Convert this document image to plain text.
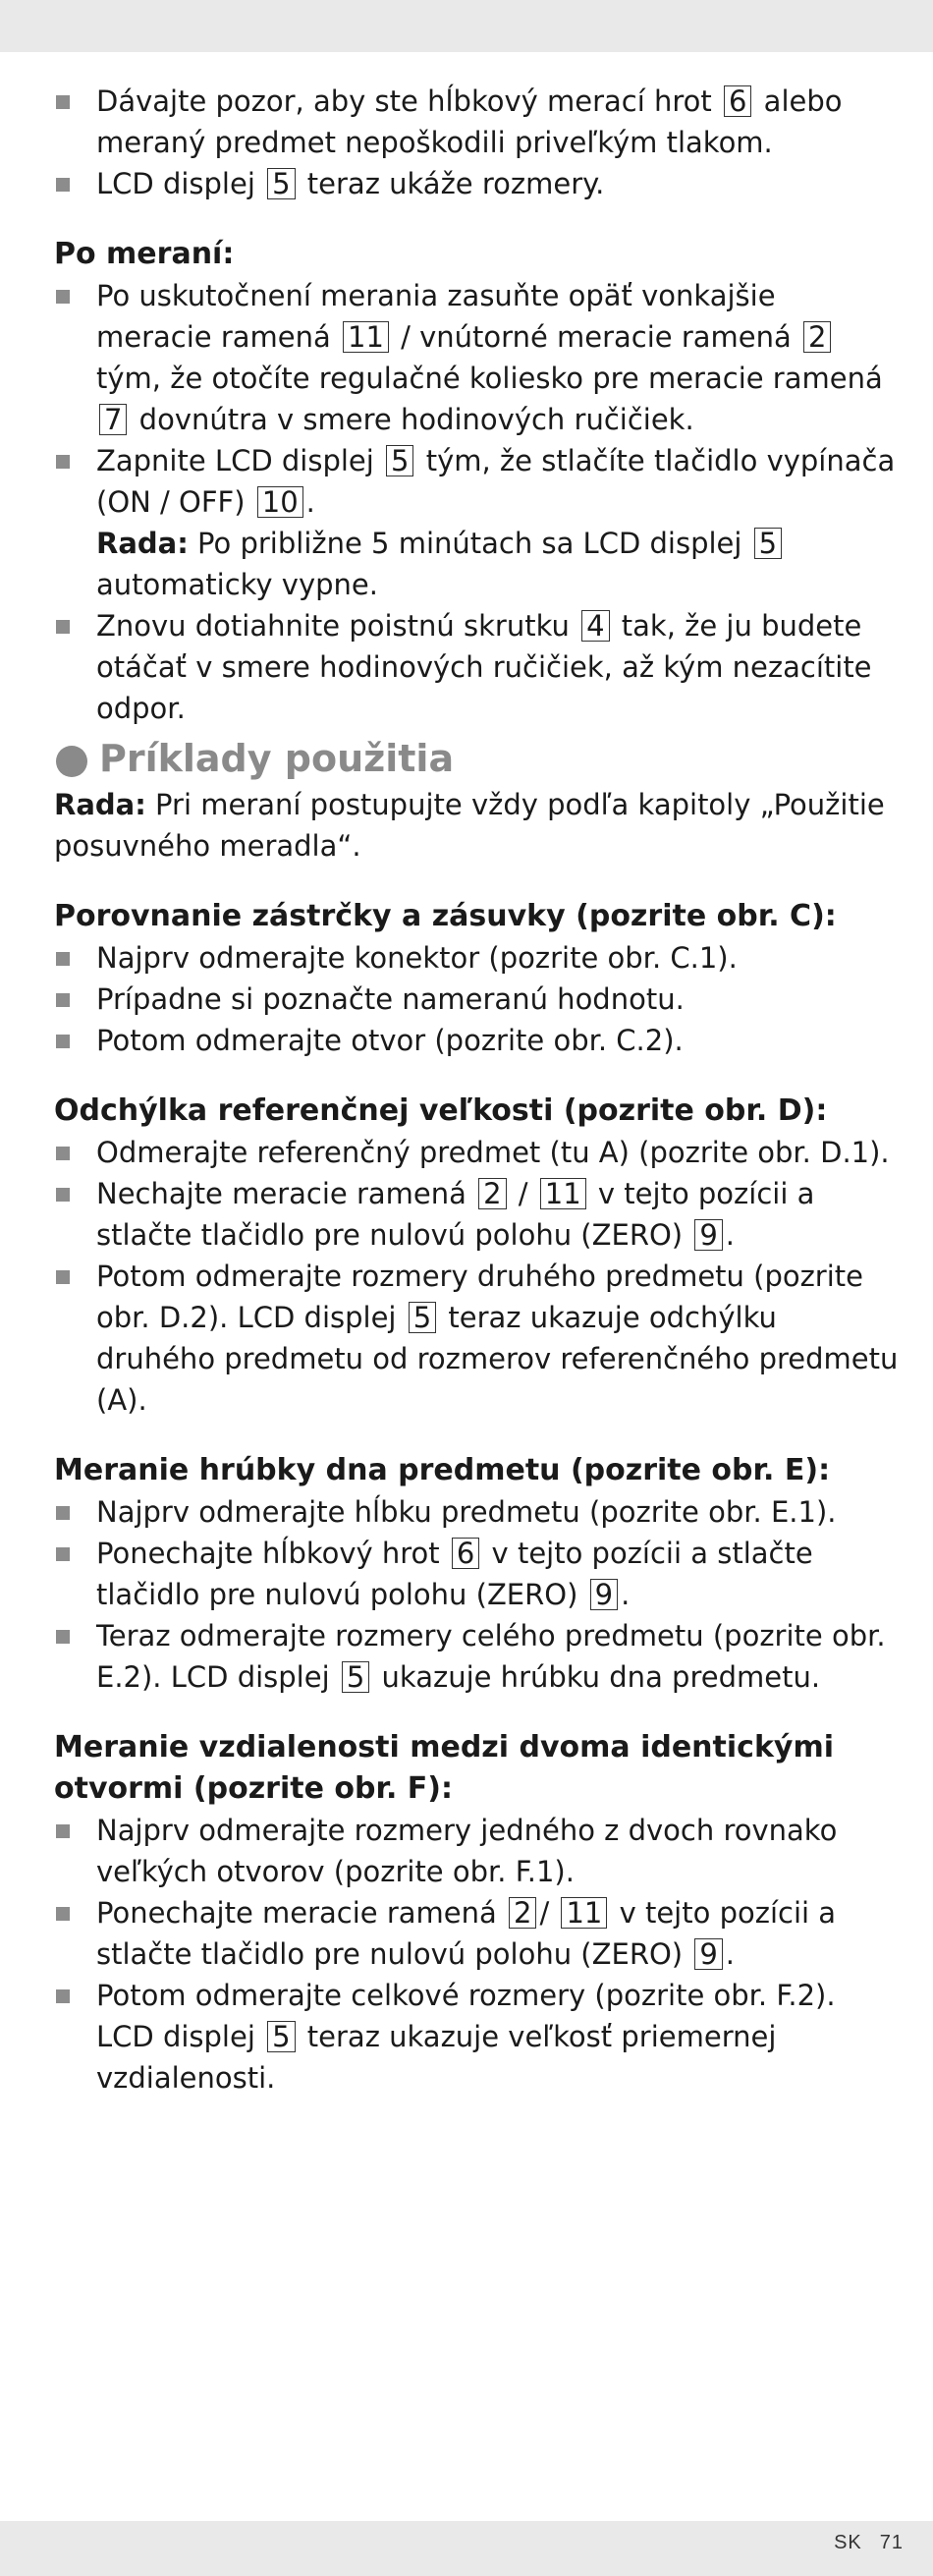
Dávajte pozor, aby ste hĺbkový merací hrot 6 alebo meraný predmet nepoškodili priveľkým tlakom.
LCD displej 5 teraz ukáže rozmery.
Po meraní:
Po uskutočnení merania zasuňte opäť vonkajšie meracie ramená 11 / vnútorné meracie ramená 2 tým, že otočíte regulačné koliesko pre meracie ramená 7 dovnútra v smere hodinových ručičiek.
Zapnite LCD displej 5 tým, že stlačíte tlačidlo vypínača (ON / OFF) 10 .
Rada: Po približne 5 minútach sa LCD displej 5 automaticky vypne.
Znovu dotiahnite poistnú skrutku 4 tak, že ju budete otáčať v smere hodinových ručičiek, až kým nezacítite odpor.
Príklady použitia
Rada: Pri meraní postupujte vždy podľa kapitoly „Použitie posuvného meradla“.
Porovnanie zástrčky a zásuvky (pozrite obr. C):
Najprv odmerajte konektor (pozrite obr. C.1).
Prípadne si poznačte nameranú hodnotu.
Potom odmerajte otvor (pozrite obr. C.2).
Odchýlka referenčnej veľkosti (pozrite obr. D):
Odmerajte referenčný predmet (tu A) (pozrite obr. D.1).
Nechajte meracie ramená 2 / 11 v tejto pozícii a stlačte tlačidlo pre nulovú polohu (ZERO) 9 .
Potom odmerajte rozmery druhého predmetu (pozrite obr. D.2). LCD displej 5 teraz ukazuje odchýlku druhého predmetu od rozmerov referenčného predmetu (A).
Meranie hrúbky dna predmetu (pozrite obr. E):
Najprv odmerajte hĺbku predmetu (pozrite obr. E.1).
Ponechajte hĺbkový hrot 6 v tejto pozícii a stlačte tlačidlo pre nulovú polohu (ZERO) 9 .
Teraz odmerajte rozmery celého predmetu (pozrite obr. E.2). LCD displej 5 ukazuje hrúbku dna predmetu.
Meranie vzdialenosti medzi dvoma identickými otvormi (pozrite obr. F):
Najprv odmerajte rozmery jedného z dvoch rovnako veľkých otvorov (pozrite obr. F.1).
Ponechajte meracie ramená 2 / 11 v tejto pozícii a stlačte tlačidlo pre nulovú polohu (ZERO) 9 .
Potom odmerajte celkové rozmery (pozrite obr. F.2). LCD displej 5 teraz ukazuje veľkosť priemernej vzdialenosti.
SK 71
